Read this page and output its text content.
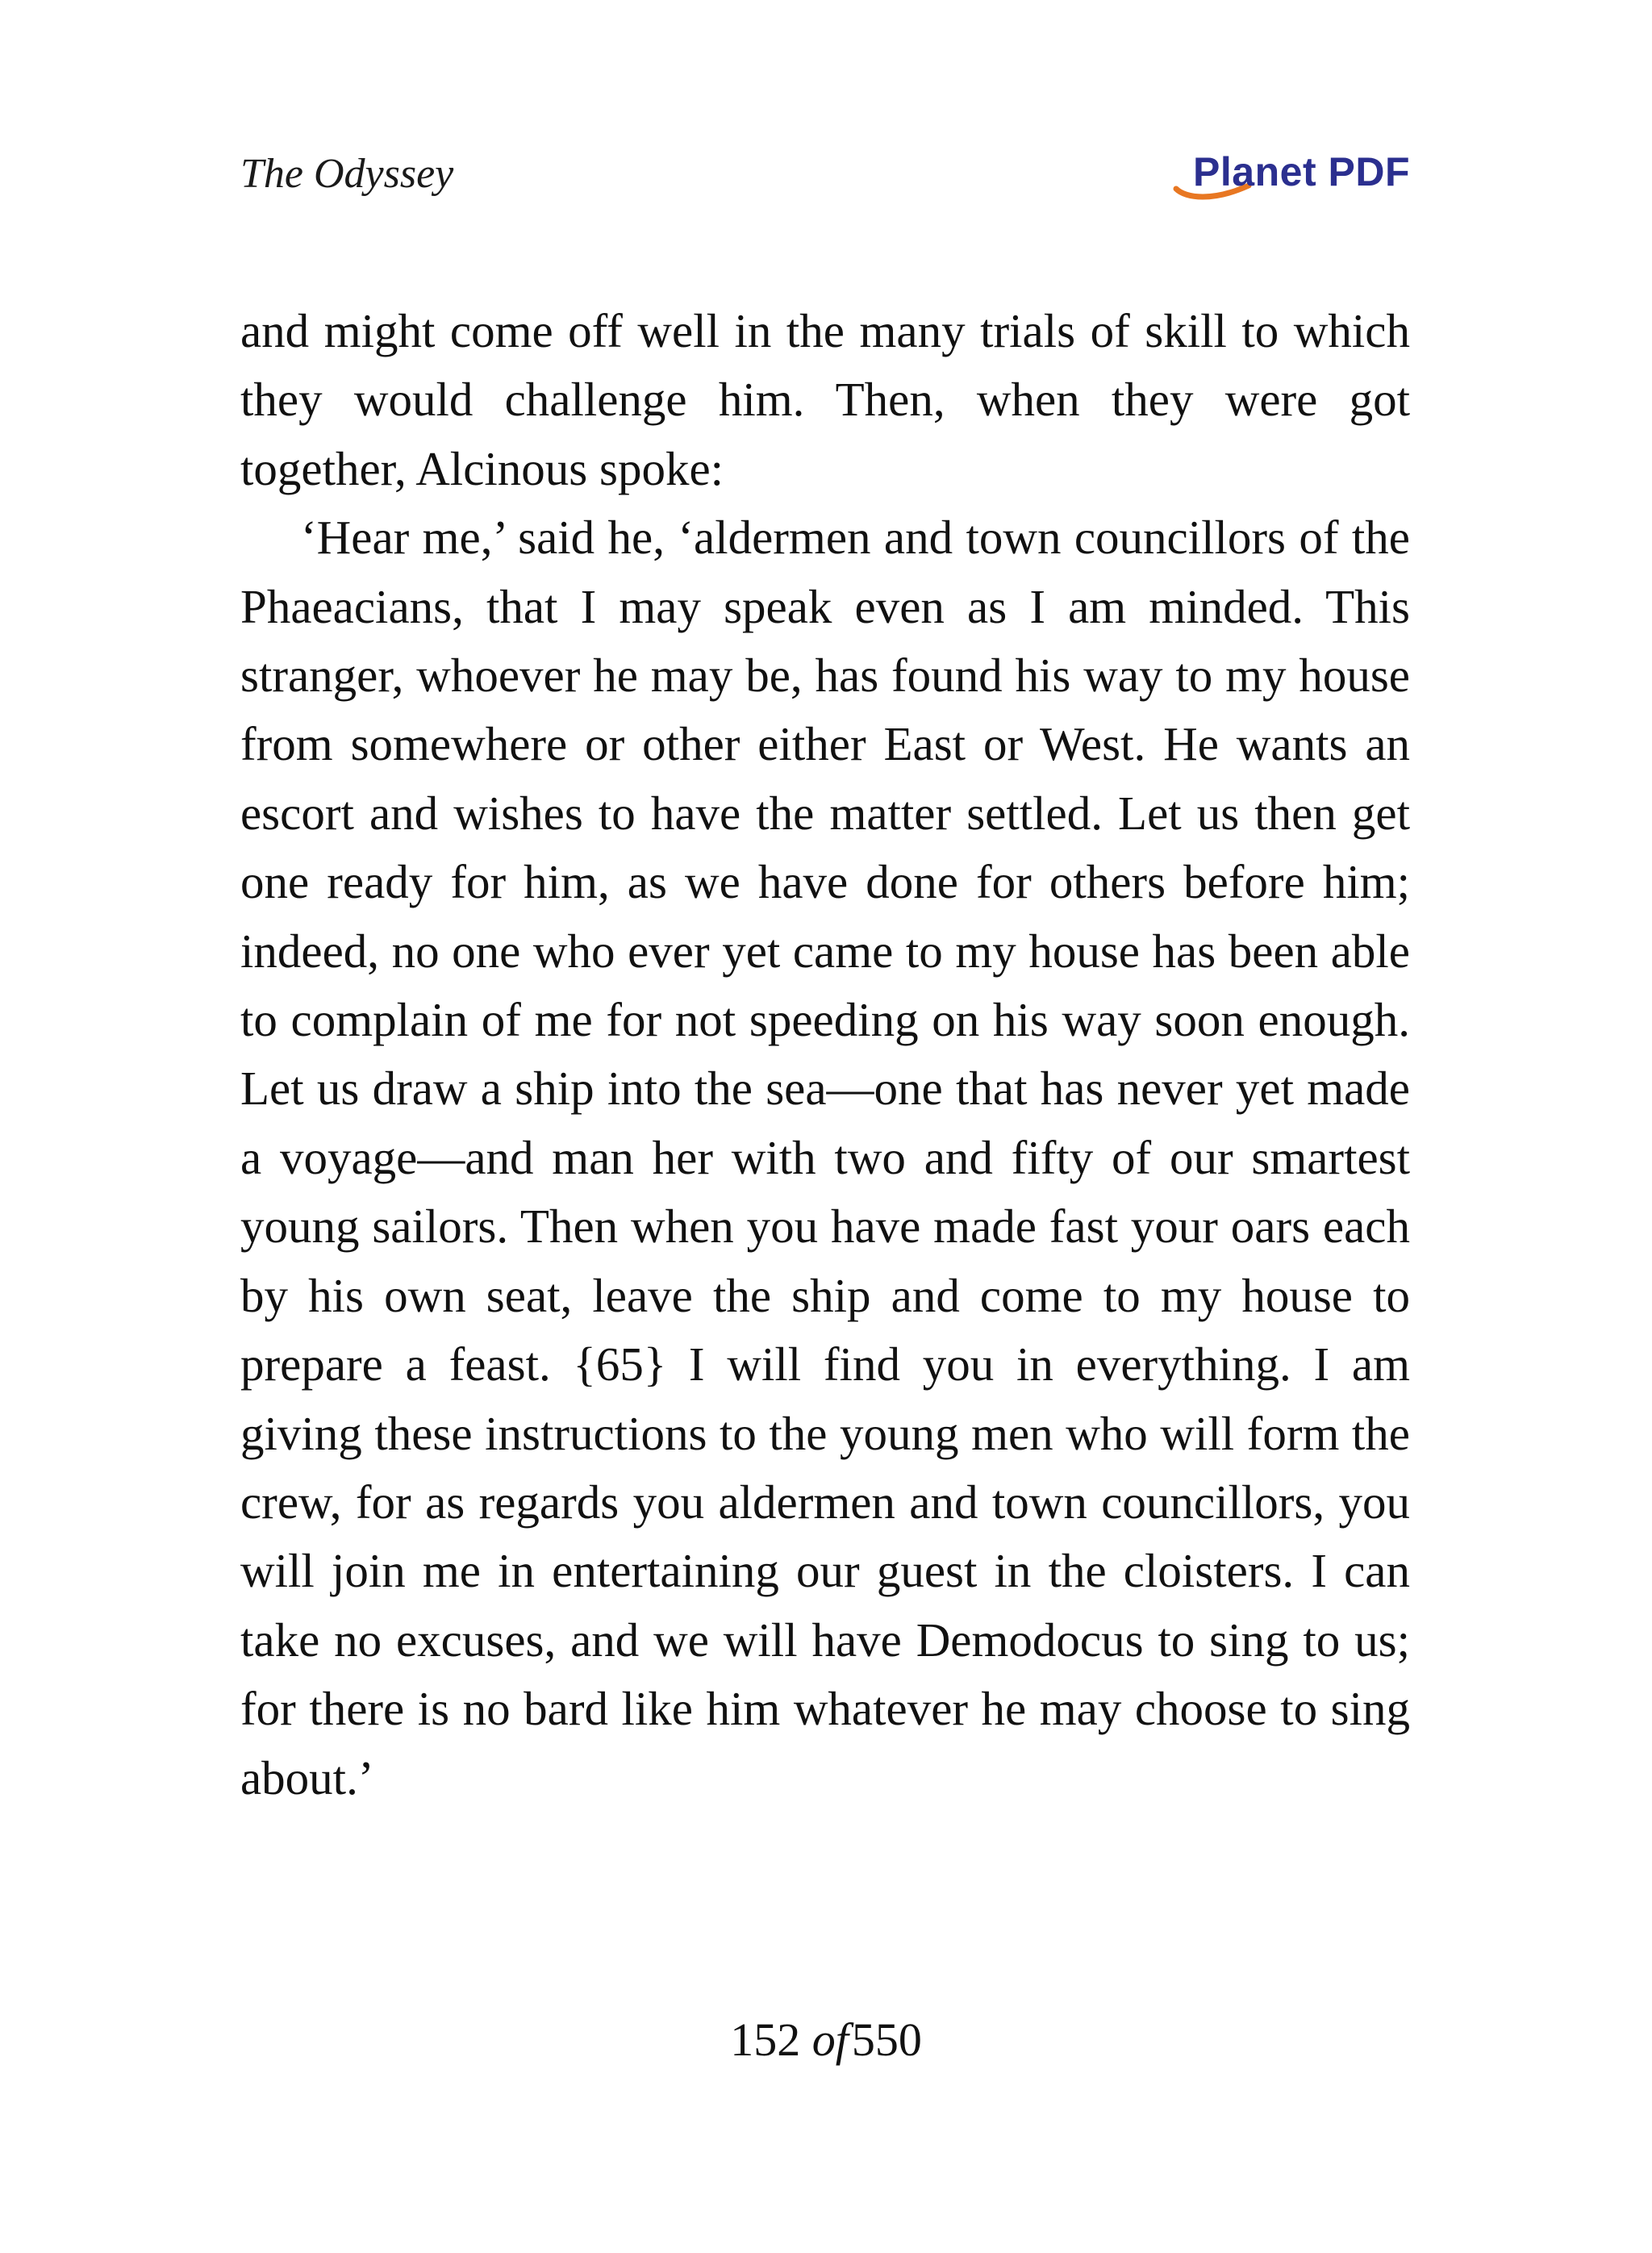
The Odyssey	Planet PDF

and might come off well in the many trials of skill to which they would challenge him. Then, when they were got together, Alcinous spoke:

‘Hear me,’ said he, ‘aldermen and town councillors of the Phaeacians, that I may speak even as I am minded. This stranger, whoever he may be, has found his way to my house from somewhere or other either East or West. He wants an escort and wishes to have the matter settled. Let us then get one ready for him, as we have done for others before him; indeed, no one who ever yet came to my house has been able to complain of me for not speeding on his way soon enough. Let us draw a ship into the sea—one that has never yet made a voyage—and man her with two and fifty of our smartest young sailors. Then when you have made fast your oars each by his own seat, leave the ship and come to my house to prepare a feast. {65} I will find you in everything. I am giving these instructions to the young men who will form the crew, for as regards you aldermen and town councillors, you will join me in entertaining our guest in the cloisters. I can take no excuses, and we will have Demodocus to sing to us; for there is no bard like him whatever he may choose to sing about.’

152 of550
